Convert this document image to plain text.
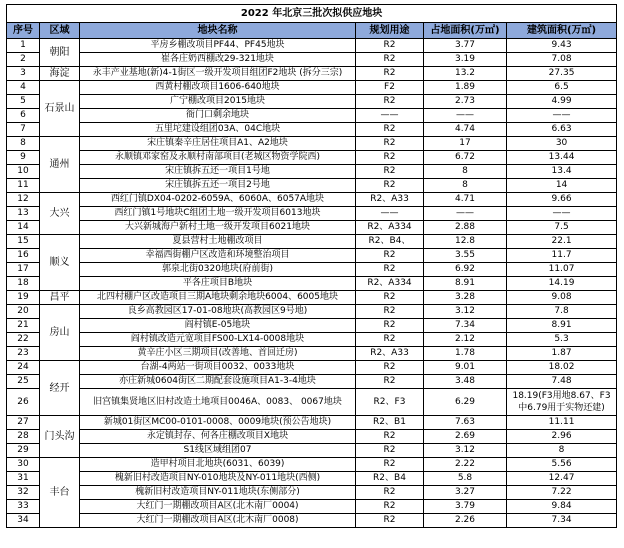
2022 年北京三批次拟供应地块					
序号	区域	地块名称	规划用途	占地面积(万㎡)	建筑面积(万㎡)
1	朝阳	平房乡棚改项目PF44、PF45地块	R2	3.77	9.43
2		崔各庄奶西棚改29-321地块	R2	3.19	7.08
3	海淀	永丰产业基地(新)4-1街区一级开发项目组团F2地块 (拆分三宗)	R2	13.2	27.35
4	石景山	西黄村棚改项目1606-640地块	F2	1.89	6.5
5		广宁棚改项目2015地块	R2	2.73	4.99
6		衙门口剩余地块	——	——	——
7		五里坨建设组团03A、04C地块	R2	4.74	6.63
8	通州	宋庄镇秦辛庄居住项目A1、A2地块	R2	17	30
9		永顺镇邓家窑及永顺村南部项目(老城区物资学院西)	R2	6.72	13.44
10		宋庄镇拆五还一项目1号地	R2	8	13.4
11		宋庄镇拆五还一项目2号地	R2	8	14
12	大兴	西红门镇DX04-0202-6059A、6060A、6057A地块	R2、A33	4.71	9.66
13		西红门镇1号地块C组团土地一级开发项目6013地块	——	——	——
14		大兴新城海户新村土地一级开发项目6021地块	R2、A334	2.88	7.5
15	顺义	夏县营村土地棚改项目	R2、B4、	12.8	22.1
16		幸福西街棚户区改造和环境整治项目	R2	3.55	11.7
17		郭泉北街0320地块(府前街)	R2	6.92	11.07
18		平各庄项目B地块	R2、A334	8.91	14.19
19	昌平	北四村棚户区改造项目三期A地块剩余地块6004、6005地块	R2	3.28	9.08
20	房山	良乡高教园区17-01-08地块(高教园区9号地)	R2	3.12	7.8
21		阎村镇E-05地块	R2	7.34	8.91
22		阎村镇改造元宽项目FS00-LX14-0008地块	R2	2.12	5.3
23		黄辛庄小区三期项目(改善地、首回迁房)	R2、A33	1.78	1.87
24	经开	台湖-4两站一街项目0032、0033地块	R2	9.01	18.02
25		亦庄新城0604街区二期配套设施项目A1-3-4地块	R2	3.48	7.48
26		旧宫镇集贤地区旧村改造土地项目0046A、0083、 0067地块	R2、F3	6.29	18.19(F3用地8.67、F3中6.79用于实物还建)
27	门头沟	新城01街区MC00-0101-0008、0009地块(预公告地块)	R2、B1	7.63	11.11
28		永定镇封存、何各庄棚改项目X地块	R2	2.69	2.96
29		S1线区域组团07	R2	3.12	8
30	丰台	造甲村项目北地块(6031、6039)	R2	2.22	5.56
31		槐新旧村改造项目NY-010地块及NY-011地块(西侧)	R2、B4	5.8	12.47
32		槐新旧村改造项目NY-011地块(东侧部分)	R2	3.27	7.22
33		大红门一期棚改项目A区(北木南厂0004)	R2	3.79	9.84
34		大红门一期棚改项目A区(北木南厂0008)	R2	2.26	7.34
